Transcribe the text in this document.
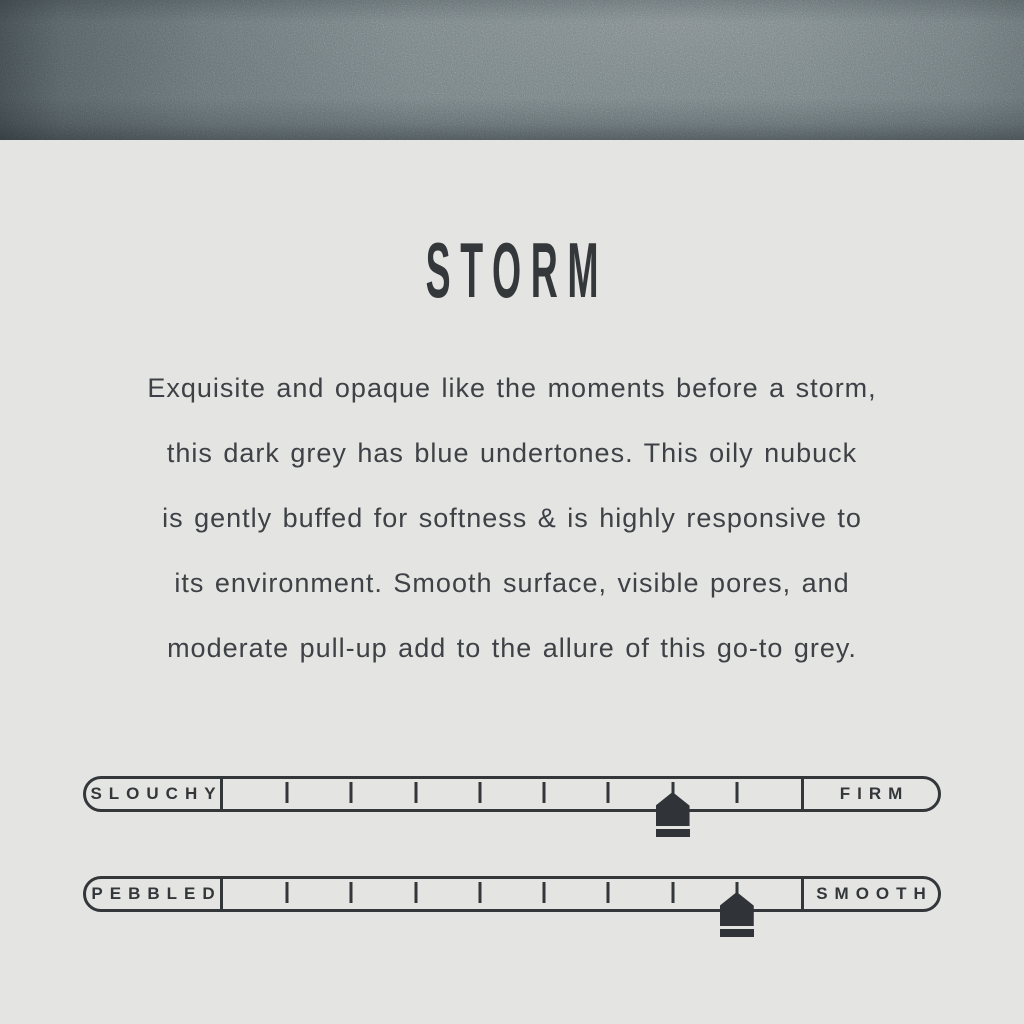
STORM
Exquisite and opaque like the moments before a storm,
this dark grey has blue undertones. This oily nubuck
is gently buffed for softness & is highly responsive to
its environment. Smooth surface, visible pores, and
moderate pull-up add to the allure of this go-to grey.
SLOUCHY	FIRM
PEBBLED	SMOOTH
